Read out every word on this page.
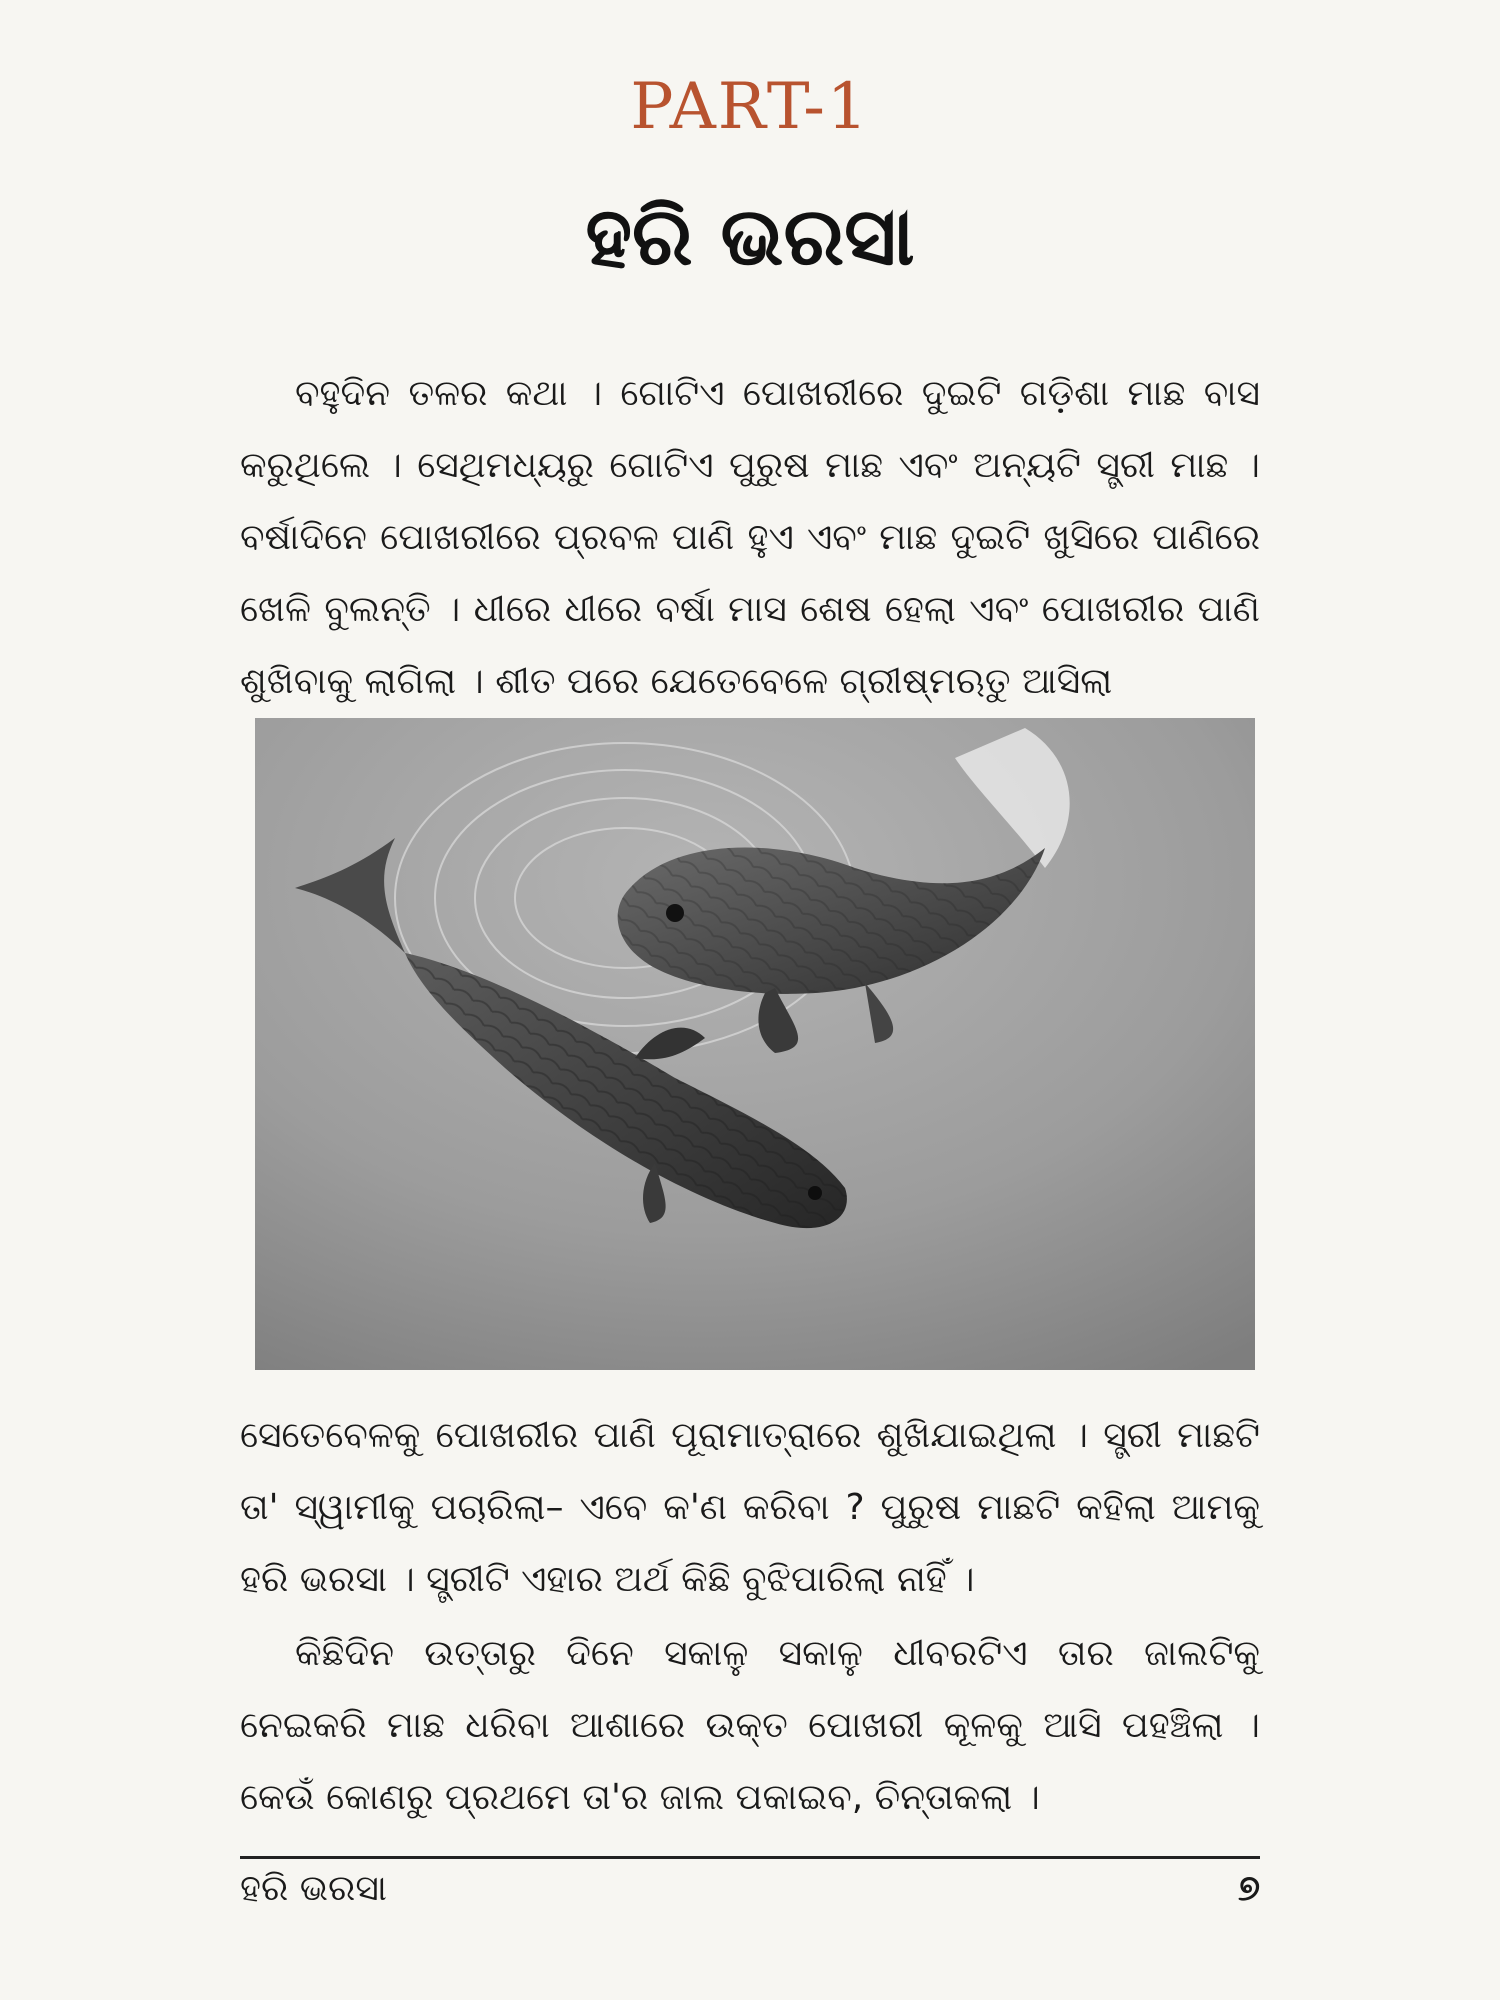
PART-1
ହରି ଭରସା

ବହୁଦିନ ତଳର କଥା । ଗୋଟିଏ ପୋଖରୀରେ ଦୁଇଟି ଗଡ଼ିଶା ମାଛ ବାସ କରୁଥିଲେ । ସେଥିମଧ୍ୟରୁ ଗୋଟିଏ ପୁରୁଷ ମାଛ ଏବଂ ଅନ୍ୟଟି ସ୍ତ୍ରୀ ମାଛ । ବର୍ଷାଦିନେ ପୋଖରୀରେ ପ୍ରବଳ ପାଣି ହୁଏ ଏବଂ ମାଛ ଦୁଇଟି ଖୁସିରେ ପାଣିରେ ଖେଳି ବୁଲନ୍ତି । ଧୀରେ ଧୀରେ ବର୍ଷା ମାସ ଶେଷ ହେଲା ଏବଂ ପୋଖରୀର ପାଣି ଶୁଖିବାକୁ ଲାଗିଲା । ଶୀତ ପରେ ଯେତେବେଳେ ଗ୍ରୀଷ୍ମଋତୁ ଆସିଲା

ସେତେବେଳକୁ ପୋଖରୀର ପାଣି ପୂରାମାତ୍ରାରେ ଶୁଖିଯାଇଥିଲା । ସ୍ତ୍ରୀ ମାଛଟି ତା' ସ୍ୱାମୀକୁ ପଚାରିଲା– ଏବେ କ'ଣ କରିବା ? ପୁରୁଷ ମାଛଟି କହିଲା ଆମକୁ ହରି ଭରସା । ସ୍ତ୍ରୀଟି ଏହାର ଅର୍ଥ କିଛି ବୁଝିପାରିଲା ନାହିଁ ।

କିଛିଦିନ ଉତ୍ତାରୁ ଦିନେ ସକାଳୁ ସକାଳୁ ଧୀବରଟିଏ ତାର ଜାଲଟିକୁ ନେଇକରି ମାଛ ଧରିବା ଆଶାରେ ଉକ୍ତ ପୋଖରୀ କୂଳକୁ ଆସି ପହଞ୍ଚିଲା । କେଉଁ କୋଣରୁ ପ୍ରଥମେ ତା'ର ଜାଲ ପକାଇବ, ଚିନ୍ତାକଲା ।

ହରି ଭରସା	୭
